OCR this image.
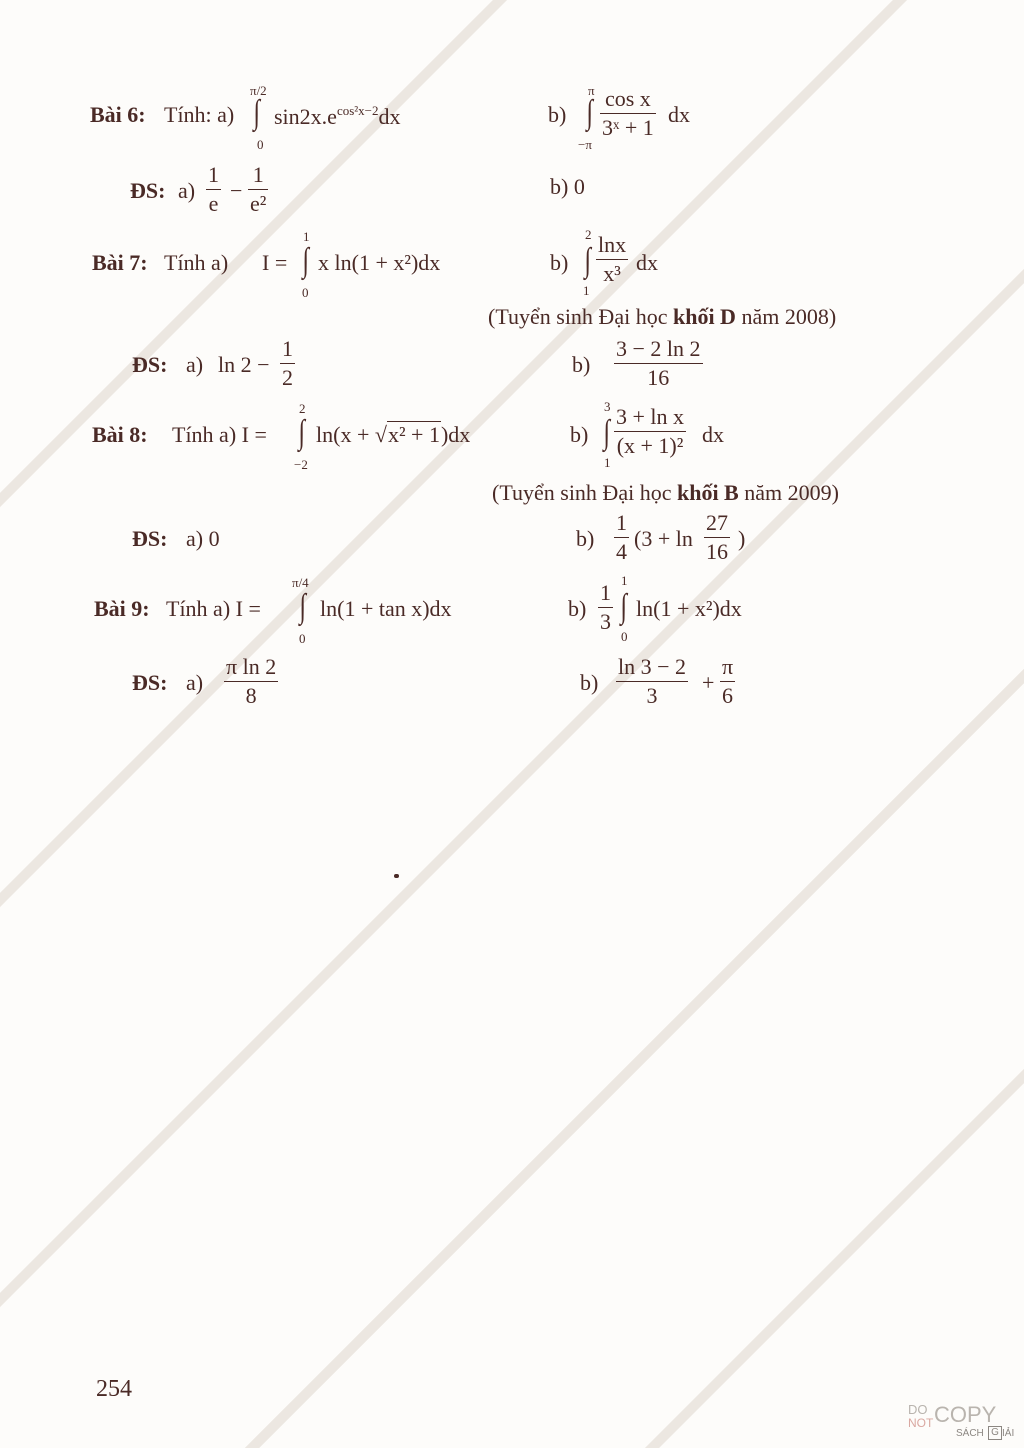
Bài 6: Tính: a)
π/2
∫
0
$\sin 2x.e^{cos^2x-2}dx$	b)
π
∫
−π
$\frac{\text{cos x}}{\text{3ˣ + 1}}$ dx
ĐS: $a) \frac{1}{e} - \frac{1}{\text{e²}}$	b) 0
Bài 7: Tính a) I =
1
∫
0
x ln(1 + x²)dx	b)
2
∫
1
$\frac{\ln x}{\text{x³}}$ dx
(Tuyển sinh Đại học khối D năm 2008)
ĐS: a) $\ln 2 - \frac{1}{2}$	$b) \frac{3 - 2 \ln 2}{16}$
Bài 8: Tính a) I =
2
∫
−2
ln(x + √x² + 1)dx	b)
3
∫
1
$\frac{\text{3 + ln x}}{\text{(x + 1)²}}$ dx
(Tuyển sinh Đại học khối B năm 2009)
ĐS: a) 0	$b) \frac{1}{4} (3 + \ln \frac{27}{16}$ )
Bài 9: Tính a) I =
π/4
∫
0
ln(1 + tan x)dx	$b) \frac{1}{3}$
1
∫
0
ln(1 + x²)dx
ĐS: $a) \frac{\text{π ln 2}}{8}$	$b) \frac{\ln 3 - 2}{3} + \frac{\pi}{6}$
254
DO
NOT COPY
SÁCH G IẢI
